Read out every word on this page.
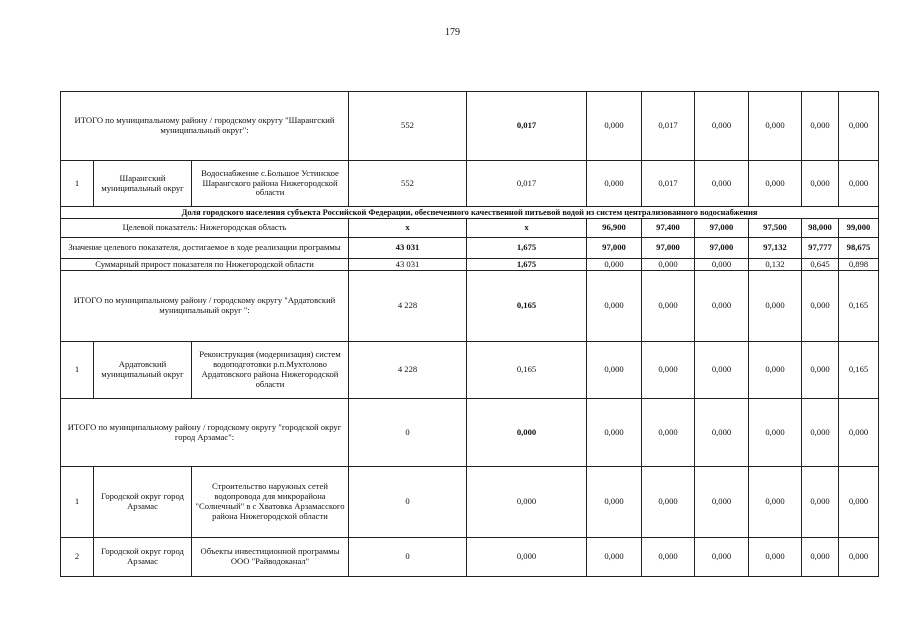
179
ИТОГО по муниципальному району / городскому округу "Шарангский муниципальный округ":			552	0,017	0,000	0,017	0,000	0,000	0,000	0,000
1	Шарангский муниципальный округ	Водоснабжение с.Большое Устинское Шарангского района Нижегородской области	552	0,017	0,000	0,017	0,000	0,000	0,000	0,000
Доля городского населения субъекта Российской Федерации, обеспеченного качественной питьевой водой из систем централизованного водоснабжения										
Целевой показатель: Нижегородская область			х	х	96,900	97,400	97,000	97,500	98,000	99,000
Значение целевого показателя, достигаемое в ходе реализации программы			43 031	1,675	97,000	97,000	97,000	97,132	97,777	98,675
Суммарный прирост показателя по Нижегородской области			43 031	1,675	0,000	0,000	0,000	0,132	0,645	0,898
ИТОГО по муниципальному району / городскому округу "Ардатовский муниципальный округ ":			4 228	0,165	0,000	0,000	0,000	0,000	0,000	0,165
1	Ардатовский муниципальный округ	Реконструкция (модернизация) систем водоподготовки р.п.Мухтолово Ардатовского района Нижегородской области	4 228	0,165	0,000	0,000	0,000	0,000	0,000	0,165
ИТОГО по муниципальному району / городскому округу "городской округ город Арзамас":			0	0,000	0,000	0,000	0,000	0,000	0,000	0,000
1	Городской округ город Арзамас	Строительство наружных сетей водопровода для микрорайона "Солнечный" в с Хватовка Арзамасского района Нижегородской области	0	0,000	0,000	0,000	0,000	0,000	0,000	0,000
2	Городской округ город Арзамас	Объекты инвестиционной программы ООО "Райводоканал"	0	0,000	0,000	0,000	0,000	0,000	0,000	0,000
